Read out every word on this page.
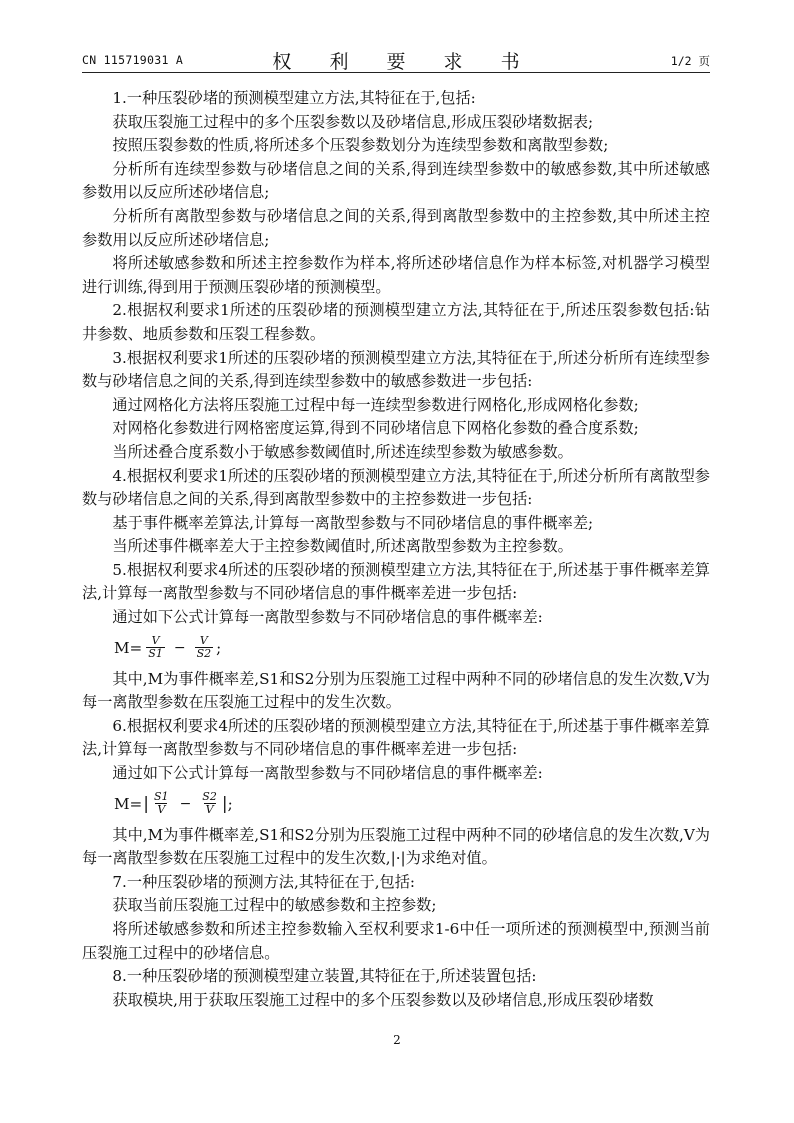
CN 115719031 A	权 利 要 求 书	1/2 页

1.一种压裂砂堵的预测模型建立方法,其特征在于,包括:

获取压裂施工过程中的多个压裂参数以及砂堵信息,形成压裂砂堵数据表;

按照压裂参数的性质,将所述多个压裂参数划分为连续型参数和离散型参数;

分析所有连续型参数与砂堵信息之间的关系,得到连续型参数中的敏感参数,其中所述敏感参数用以反应所述砂堵信息;

分析所有离散型参数与砂堵信息之间的关系,得到离散型参数中的主控参数,其中所述主控参数用以反应所述砂堵信息;

将所述敏感参数和所述主控参数作为样本,将所述砂堵信息作为样本标签,对机器学习模型进行训练,得到用于预测压裂砂堵的预测模型。

2.根据权利要求1所述的压裂砂堵的预测模型建立方法,其特征在于,所述压裂参数包括:钻井参数、地质参数和压裂工程参数。

3.根据权利要求1所述的压裂砂堵的预测模型建立方法,其特征在于,所述分析所有连续型参数与砂堵信息之间的关系,得到连续型参数中的敏感参数进一步包括:

通过网格化方法将压裂施工过程中每一连续型参数进行网格化,形成网格化参数;

对网格化参数进行网格密度运算,得到不同砂堵信息下网格化参数的叠合度系数;

当所述叠合度系数小于敏感参数阈值时,所述连续型参数为敏感参数。

4.根据权利要求1所述的压裂砂堵的预测模型建立方法,其特征在于,所述分析所有离散型参数与砂堵信息之间的关系,得到离散型参数中的主控参数进一步包括:

基于事件概率差算法,计算每一离散型参数与不同砂堵信息的事件概率差;

当所述事件概率差大于主控参数阈值时,所述离散型参数为主控参数。

5.根据权利要求4所述的压裂砂堵的预测模型建立方法,其特征在于,所述基于事件概率差算法,计算每一离散型参数与不同砂堵信息的事件概率差进一步包括:

通过如下公式计算每一离散型参数与不同砂堵信息的事件概率差:

$M= \frac{V}{S1} - \frac{V}{S2}$ ;

其中,M为事件概率差,S1和S2分别为压裂施工过程中两种不同的砂堵信息的发生次数,V为每一离散型参数在压裂施工过程中的发生次数。

6.根据权利要求4所述的压裂砂堵的预测模型建立方法,其特征在于,所述基于事件概率差算法,计算每一离散型参数与不同砂堵信息的事件概率差进一步包括:

通过如下公式计算每一离散型参数与不同砂堵信息的事件概率差:

M= | $\frac{S1}{V} - \frac{S2}{V}$ | ;

其中,M为事件概率差,S1和S2分别为压裂施工过程中两种不同的砂堵信息的发生次数,V为每一离散型参数在压裂施工过程中的发生次数,|·|为求绝对值。

7.一种压裂砂堵的预测方法,其特征在于,包括:

获取当前压裂施工过程中的敏感参数和主控参数;

将所述敏感参数和所述主控参数输入至权利要求1-6中任一项所述的预测模型中,预测当前压裂施工过程中的砂堵信息。

8.一种压裂砂堵的预测模型建立装置,其特征在于,所述装置包括:

获取模块,用于获取压裂施工过程中的多个压裂参数以及砂堵信息,形成压裂砂堵数

2
